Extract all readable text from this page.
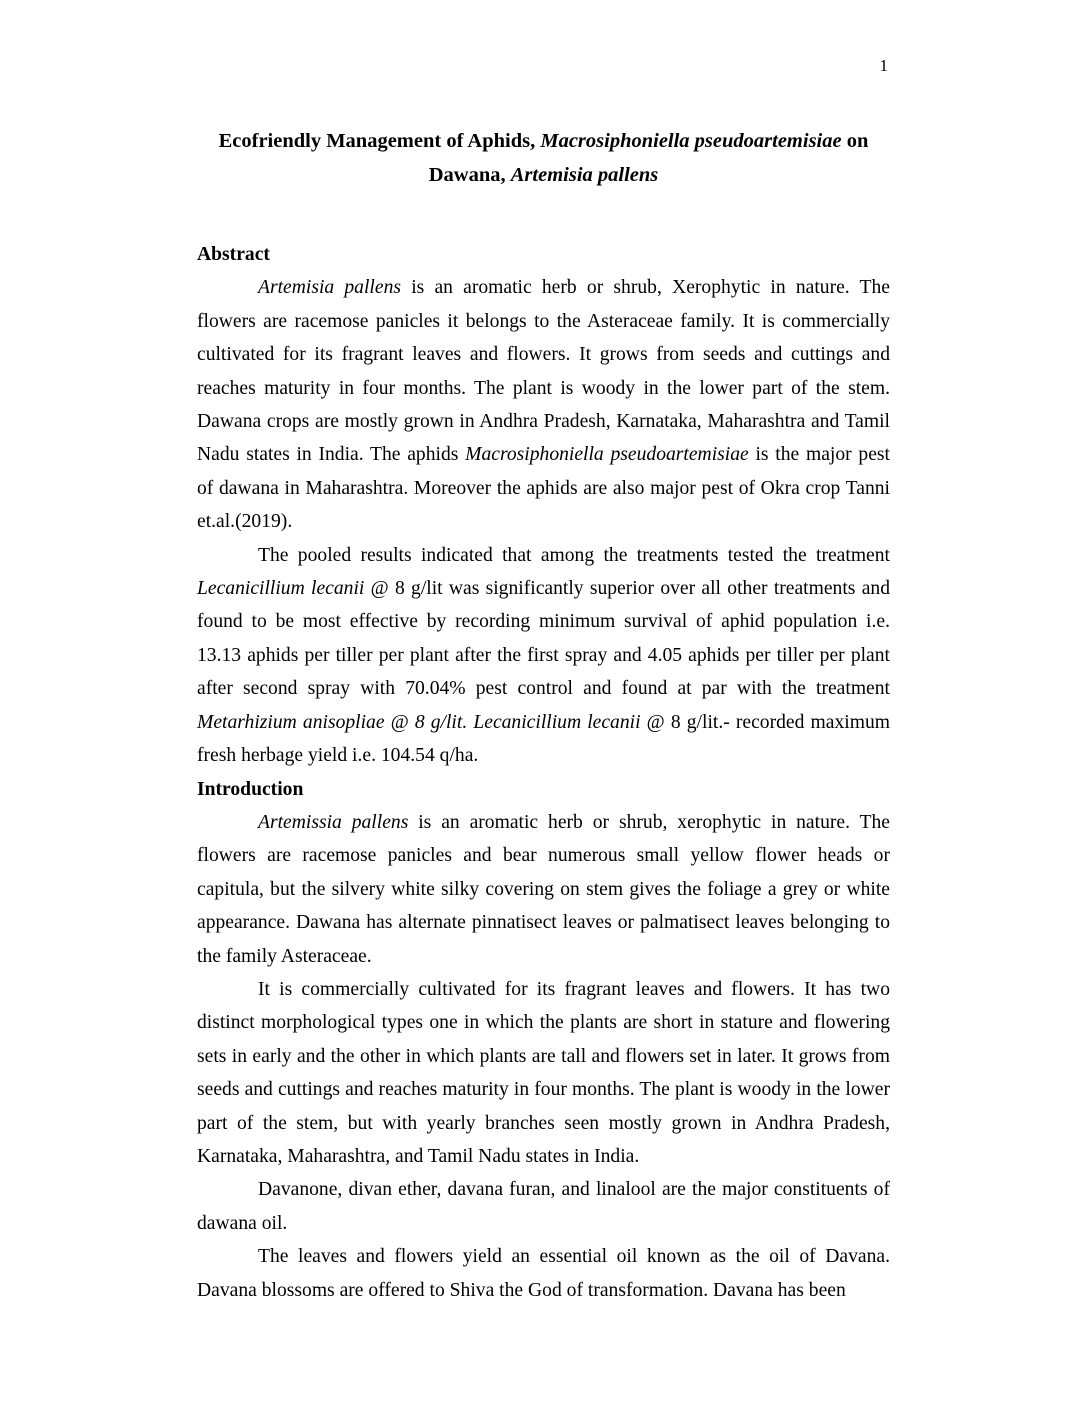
1
Ecofriendly Management of Aphids, Macrosiphoniella pseudoartemisiae on Dawana, Artemisia pallens
Abstract

Artemisia pallens is an aromatic herb or shrub, Xerophytic in nature. The flowers are racemose panicles it belongs to the Asteraceae family. It is commercially cultivated for its fragrant leaves and flowers. It grows from seeds and cuttings and reaches maturity in four months. The plant is woody in the lower part of the stem. Dawana crops are mostly grown in Andhra Pradesh, Karnataka, Maharashtra and Tamil Nadu states in India. The aphids Macrosiphoniella pseudoartemisiae is the major pest of dawana in Maharashtra. Moreover the aphids are also major pest of Okra crop Tanni et.al.(2019).

The pooled results indicated that among the treatments tested the treatment Lecanicillium lecanii @ 8 g/lit was significantly superior over all other treatments and found to be most effective by recording minimum survival of aphid population i.e. 13.13 aphids per tiller per plant after the first spray and 4.05 aphids per tiller per plant after second spray with 70.04% pest control and found at par with the treatment Metarhizium anisopliae @ 8 g/lit. Lecanicillium lecanii @ 8 g/lit.- recorded maximum fresh herbage yield i.e. 104.54 q/ha.

Introduction

Artemissia pallens is an aromatic herb or shrub, xerophytic in nature. The flowers are racemose panicles and bear numerous small yellow flower heads or capitula, but the silvery white silky covering on stem gives the foliage a grey or white appearance. Dawana has alternate pinnatisect leaves or palmatisect leaves belonging to the family Asteraceae.

It is commercially cultivated for its fragrant leaves and flowers. It has two distinct morphological types one in which the plants are short in stature and flowering sets in early and the other in which plants are tall and flowers set in later. It grows from seeds and cuttings and reaches maturity in four months. The plant is woody in the lower part of the stem, but with yearly branches seen mostly grown in Andhra Pradesh, Karnataka, Maharashtra, and Tamil Nadu states in India.

Davanone, divan ether, davana furan, and linalool are the major constituents of dawana oil.

The leaves and flowers yield an essential oil known as the oil of Davana. Davana blossoms are offered to Shiva the God of transformation. Davana has been
